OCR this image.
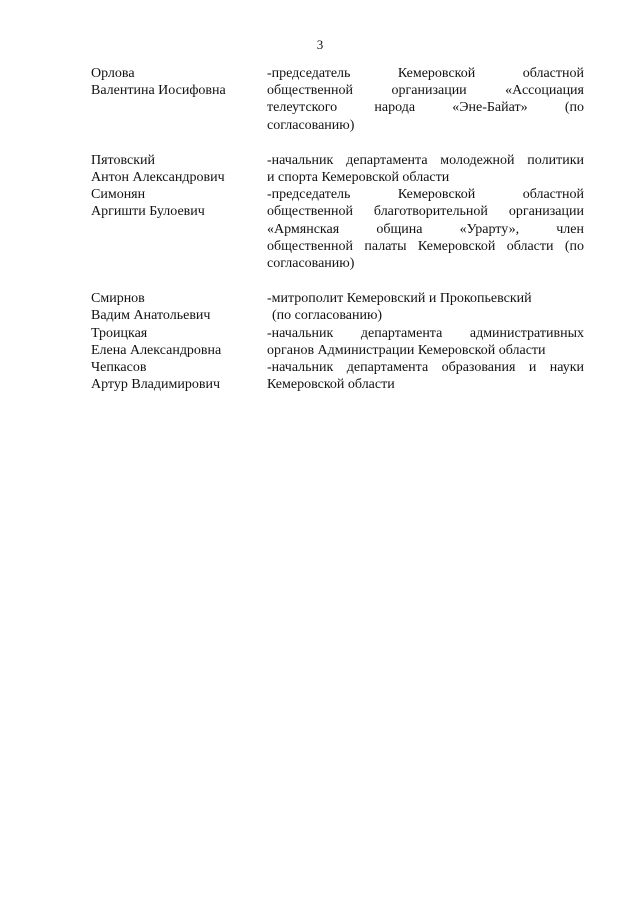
3
Орлова
Валентина Иосифовна
-председатель Кемеровской областной
общественной организации «Ассоциация
телеутского народа «Эне-Байат» (по
согласованию)
Пятовский
Антон Александрович
-начальник департамента молодежной политики
и спорта Кемеровской области
Симонян
Аргишти Булоевич
-председатель Кемеровской областной
общественной благотворительной организации
«Армянская община «Урарту», член
общественной палаты Кемеровской области (по
согласованию)
Смирнов
Вадим Анатольевич
-митрополит Кемеровский и Прокопьевский
(по согласованию)
Троицкая
Елена Александровна
-начальник департамента административных
органов Администрации Кемеровской области
Чепкасов
Артур Владимирович
-начальник департамента образования и науки
Кемеровской области
